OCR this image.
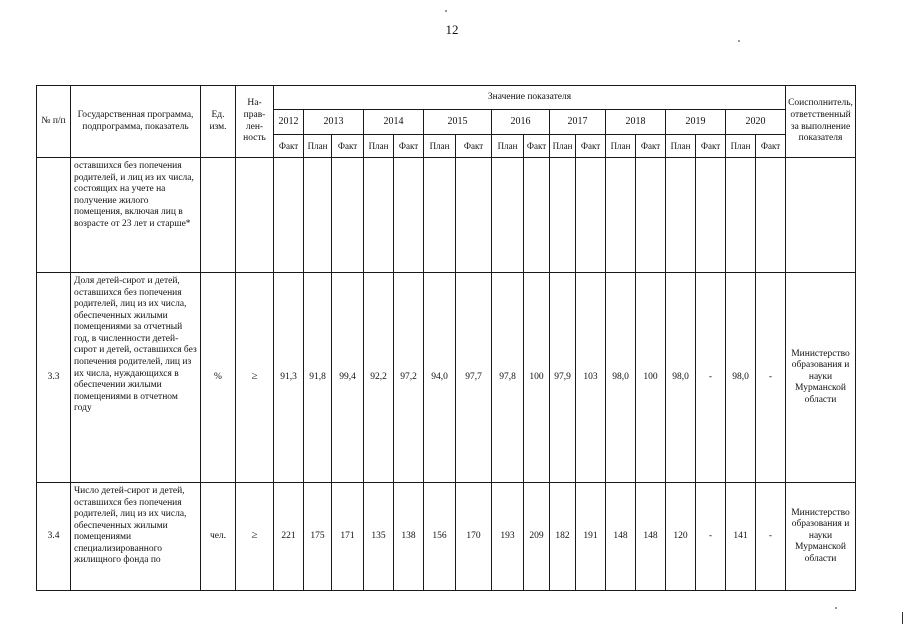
12
№ п/п	Государственная программа, подпрограмма, показатель	Ед. изм.	На-прав-лен-ность	Значение показателя																	Соисполнитель, ответственный за выполнение показателя
				2012	2013		2014		2015		2016		2017		2018		2019		2020		
				Факт	План	Факт	План	Факт	План	Факт	План	Факт	План	Факт	План	Факт	План	Факт	План	Факт	
	оставшихся без попечения родителей, и лиц из их числа, состоящих на учете на получение жилого помещения, включая лиц в возрасте от 23 лет и старше*																				
3.3	Доля детей-сирот и детей, оставшихся без попечения родителей, лиц из их числа, обеспеченных жилыми помещениями за отчетный год, в численности детей-сирот и детей, оставшихся без попечения родителей, лиц из их числа, нуждающихся в обеспечении жилыми помещениями в отчетном году	%	≥	91,3	91,8	99,4	92,2	97,2	94,0	97,7	97,8	100	97,9	103	98,0	100	98,0	-	98,0	-	Министерство образования и науки Мурманской области
3.4	Число детей-сирот и детей, оставшихся без попечения родителей, лиц из их числа, обеспеченных жилыми помещениями специализированного жилищного фонда по	чел.	≥	221	175	171	135	138	156	170	193	209	182	191	148	148	120	-	141	-	Министерство образования и науки Мурманской области
